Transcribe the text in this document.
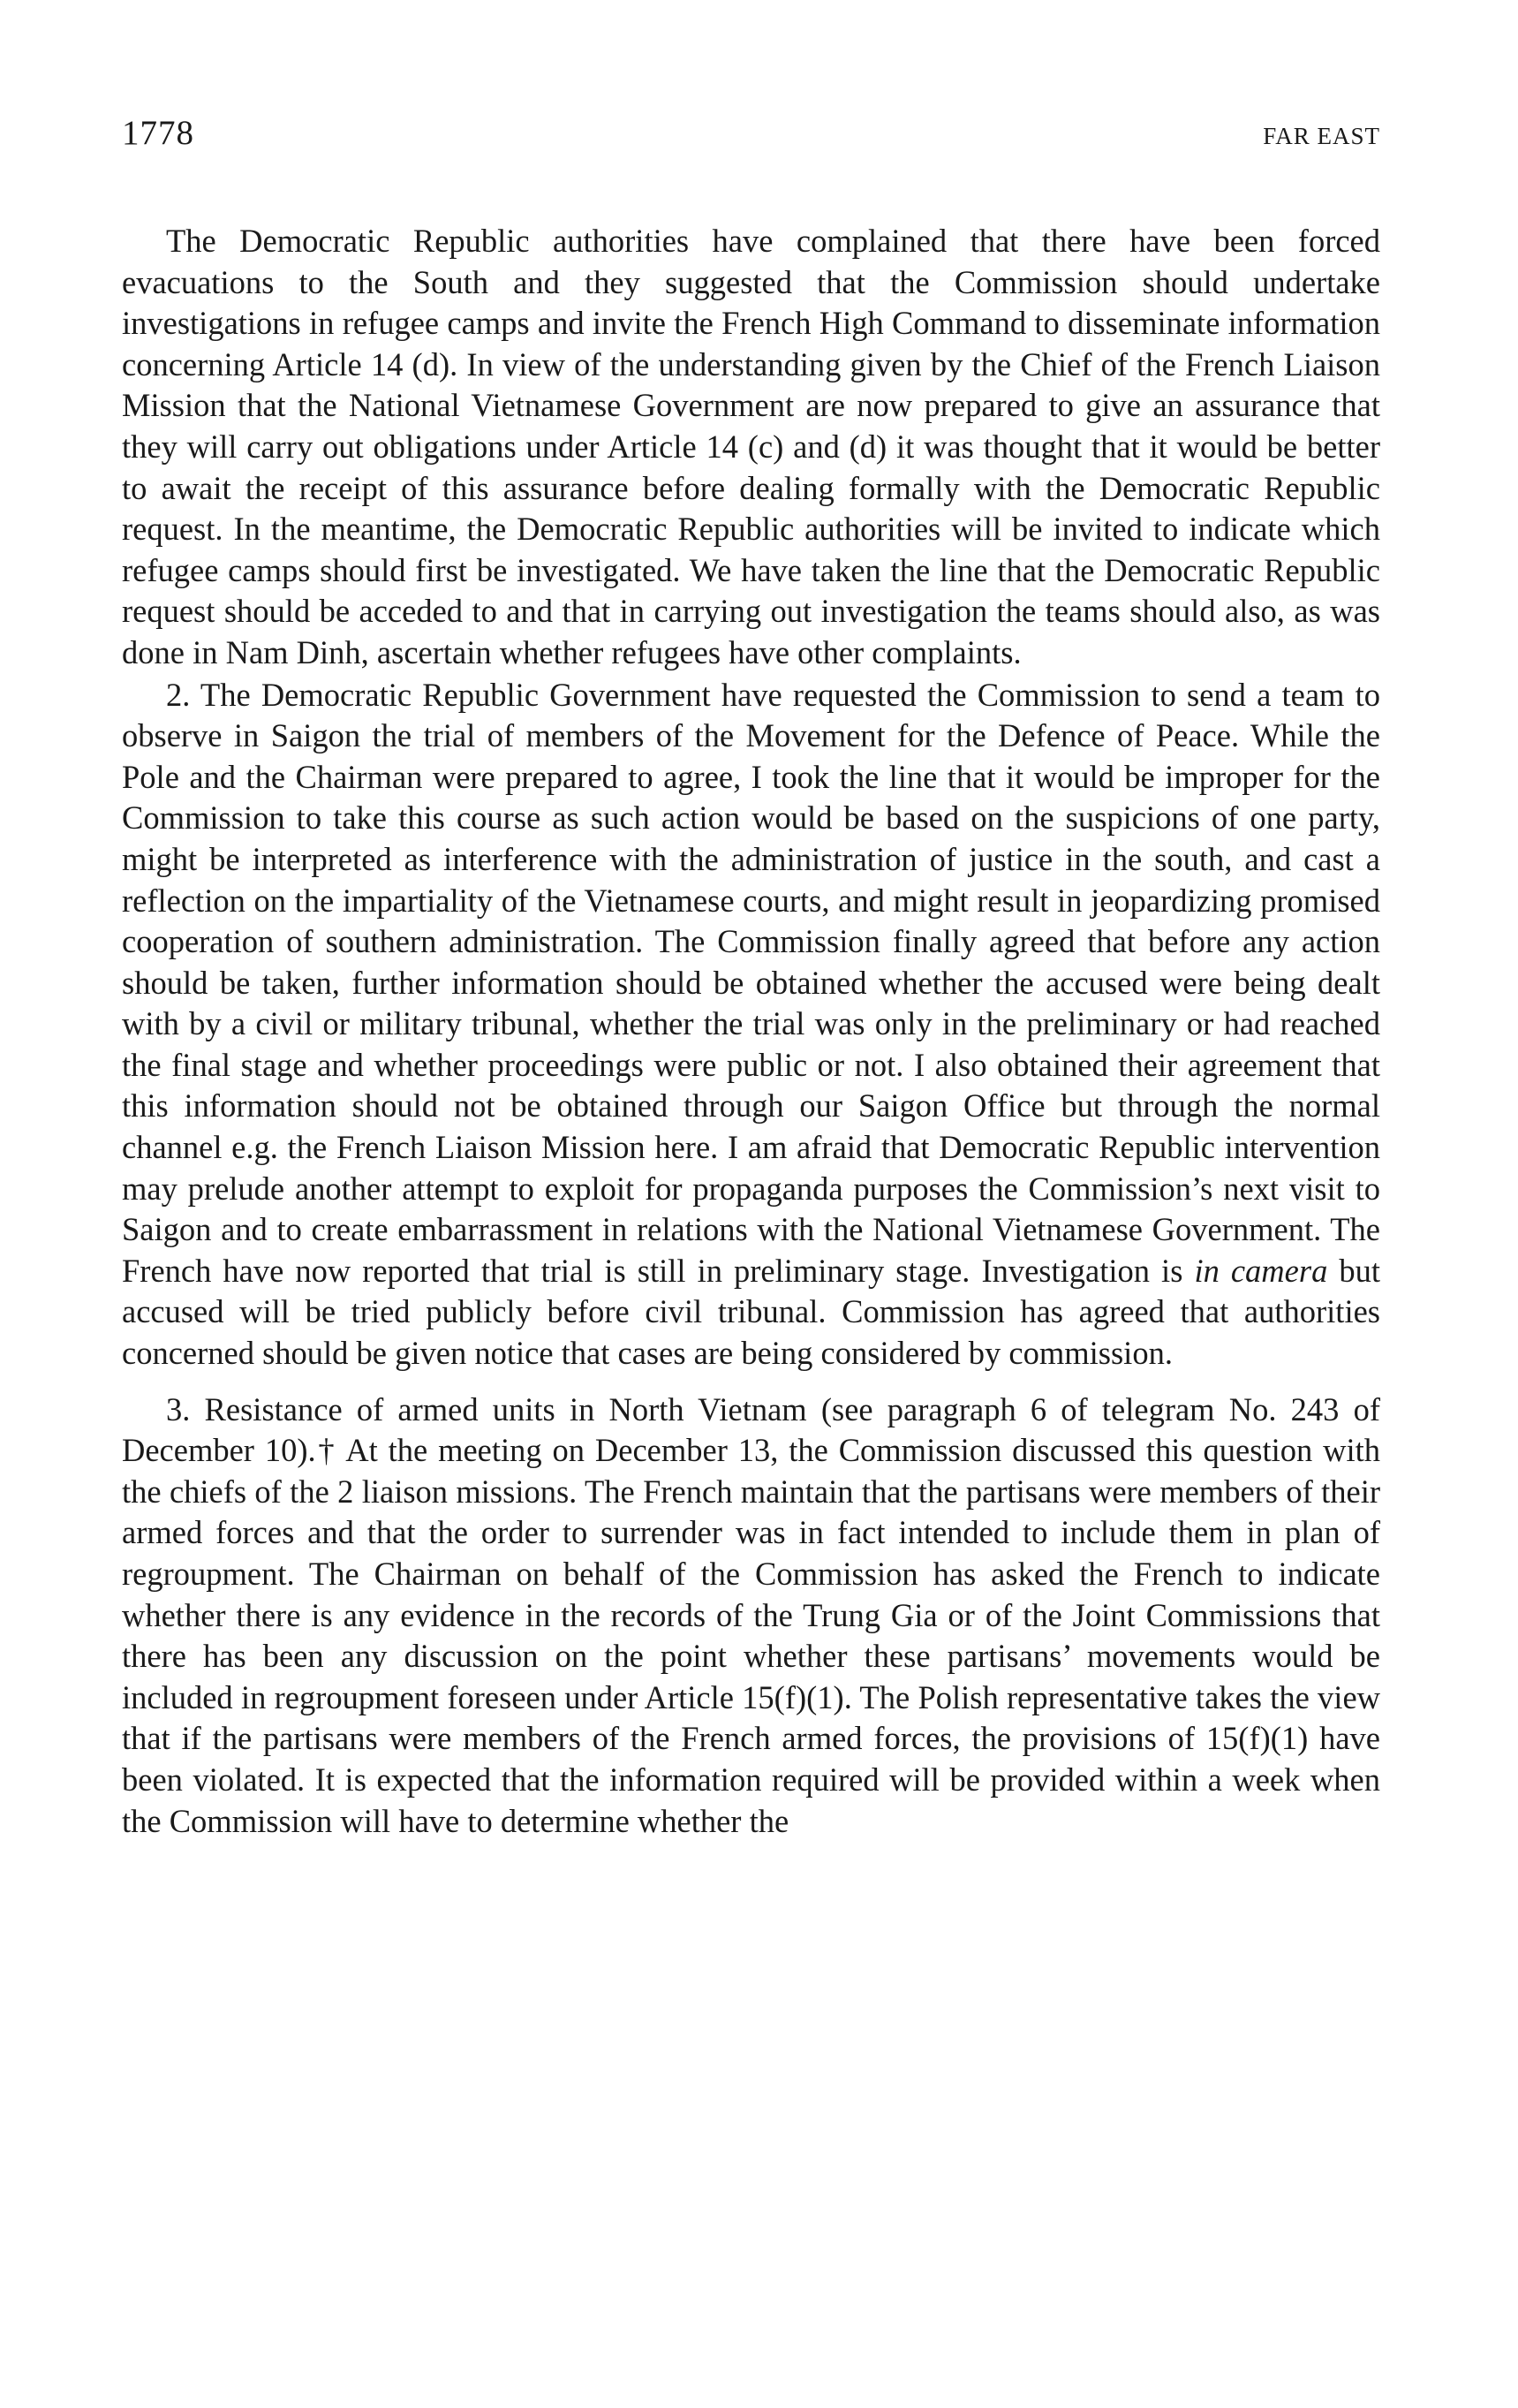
1778	FAR EAST

The Democratic Republic authorities have complained that there have been forced evacuations to the South and they suggested that the Commission should undertake investigations in refugee camps and invite the French High Command to disseminate information concerning Article 14 (d). In view of the understanding given by the Chief of the French Liaison Mission that the National Vietnamese Government are now prepared to give an assurance that they will carry out obligations under Article 14 (c) and (d) it was thought that it would be better to await the receipt of this assurance before dealing formally with the Democratic Republic request. In the meantime, the Democratic Republic authorities will be invited to indicate which refugee camps should first be investigated. We have taken the line that the Democratic Republic request should be acceded to and that in carrying out investigation the teams should also, as was done in Nam Dinh, ascertain whether refugees have other complaints.

2. The Democratic Republic Government have requested the Commission to send a team to observe in Saigon the trial of members of the Movement for the Defence of Peace. While the Pole and the Chairman were prepared to agree, I took the line that it would be improper for the Commission to take this course as such action would be based on the suspicions of one party, might be interpreted as interference with the administration of justice in the south, and cast a reflection on the impartiality of the Vietnamese courts, and might result in jeopardizing promised cooperation of southern administration. The Commission finally agreed that before any action should be taken, further information should be obtained whether the accused were being dealt with by a civil or military tribunal, whether the trial was only in the preliminary or had reached the final stage and whether proceedings were public or not. I also obtained their agreement that this information should not be obtained through our Saigon Office but through the normal channel e.g. the French Liaison Mission here. I am afraid that Democratic Republic intervention may prelude another attempt to exploit for propaganda purposes the Commission’s next visit to Saigon and to create embarrassment in relations with the National Vietnamese Government. The French have now reported that trial is still in preliminary stage. Investigation is in camera but accused will be tried publicly before civil tribunal. Commission has agreed that authorities concerned should be given notice that cases are being considered by commission.

3. Resistance of armed units in North Vietnam (see paragraph 6 of telegram No. 243 of December 10).† At the meeting on December 13, the Commission discussed this question with the chiefs of the 2 liaison missions. The French maintain that the partisans were members of their armed forces and that the order to surrender was in fact intended to include them in plan of regroupment. The Chairman on behalf of the Commission has asked the French to indicate whether there is any evidence in the records of the Trung Gia or of the Joint Commissions that there has been any discussion on the point whether these partisans’ movements would be included in regroupment foreseen under Article 15(f)(1). The Polish representative takes the view that if the partisans were members of the French armed forces, the provisions of 15(f)(1) have been violated. It is expected that the information required will be provided within a week when the Commission will have to determine whether the
